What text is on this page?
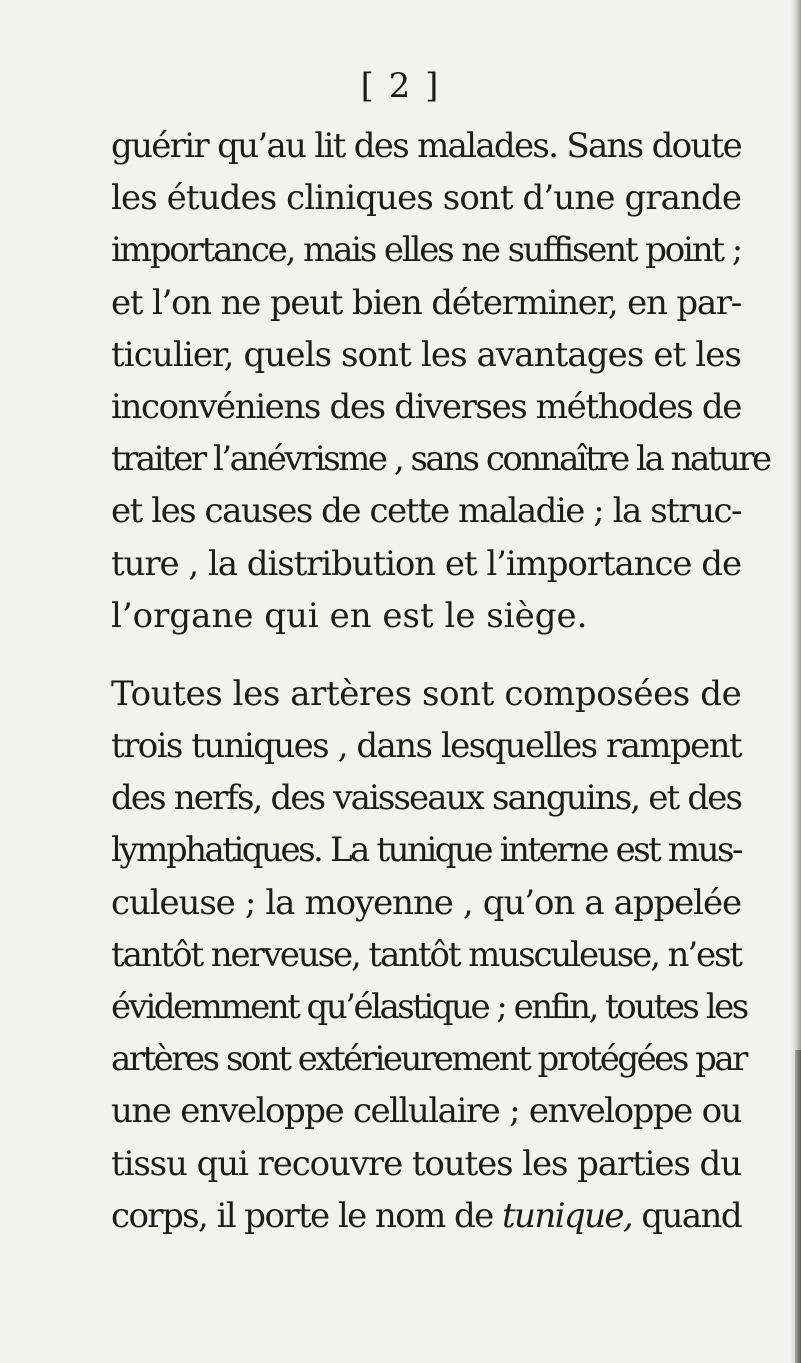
[ 2 ]
guérir qu’au lit des malades. Sans doute
les études cliniques sont d’une grande
importance, mais elles ne suffisent point ;
et l’on ne peut bien déterminer, en par-
ticulier, quels sont les avantages et les
inconvéniens des diverses méthodes de
traiter l’anévrisme , sans connaître la nature
et les causes de cette maladie ; la struc-
ture , la distribution et l’importance de
l’organe qui en est le siège.
Toutes les artères sont composées de
trois tuniques , dans lesquelles rampent
des nerfs, des vaisseaux sanguins, et des
lymphatiques. La tunique interne est mus-
culeuse ; la moyenne , qu’on a appelée
tantôt nerveuse, tantôt musculeuse, n’est
évidemment qu’élastique ; enfin, toutes les
artères sont extérieurement protégées par
une enveloppe cellulaire ; enveloppe ou
tissu qui recouvre toutes les parties du
corps, il porte le nom de tunique, quand
